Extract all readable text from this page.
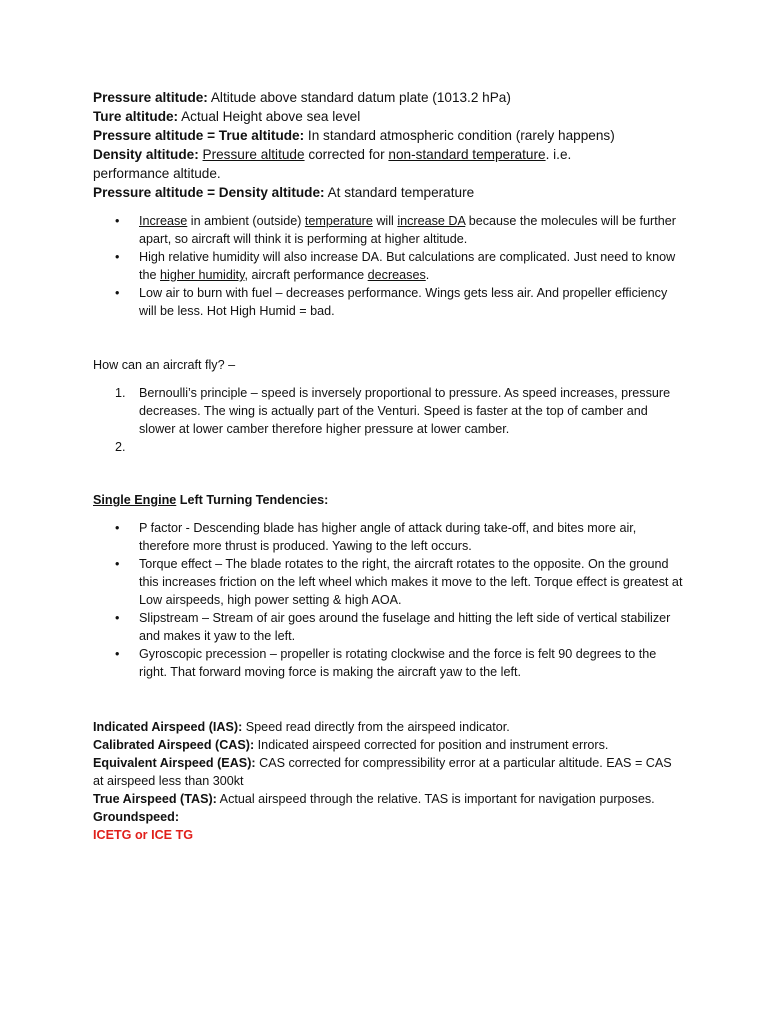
Pressure altitude: Altitude above standard datum plate (1013.2 hPa)

Ture altitude: Actual Height above sea level

Pressure altitude = True altitude: In standard atmospheric condition (rarely happens)

Density altitude: Pressure altitude corrected for non-standard temperature. i.e. performance altitude.

Pressure altitude = Density altitude: At standard temperature

• Increase in ambient (outside) temperature will increase DA because the molecules will be further apart, so aircraft will think it is performing at higher altitude.
• High relative humidity will also increase DA. But calculations are complicated. Just need to know the higher humidity, aircraft performance decreases.
• Low air to burn with fuel – decreases performance. Wings gets less air. And propeller efficiency will be less. Hot High Humid = bad.

How can an aircraft fly? –

1. Bernoulli’s principle – speed is inversely proportional to pressure. As speed increases, pressure decreases. The wing is actually part of the Venturi. Speed is faster at the top of camber and slower at lower camber therefore higher pressure at lower camber.
2.

Single Engine Left Turning Tendencies:

• P factor - Descending blade has higher angle of attack during take-off, and bites more air, therefore more thrust is produced. Yawing to the left occurs.
• Torque effect – The blade rotates to the right, the aircraft rotates to the opposite. On the ground this increases friction on the left wheel which makes it move to the left. Torque effect is greatest at Low airspeeds, high power setting & high AOA.
• Slipstream – Stream of air goes around the fuselage and hitting the left side of vertical stabilizer and makes it yaw to the left.
• Gyroscopic precession – propeller is rotating clockwise and the force is felt 90 degrees to the right. That forward moving force is making the aircraft yaw to the left.

Indicated Airspeed (IAS): Speed read directly from the airspeed indicator.

Calibrated Airspeed (CAS): Indicated airspeed corrected for position and instrument errors.

Equivalent Airspeed (EAS): CAS corrected for compressibility error at a particular altitude. EAS = CAS at airspeed less than 300kt

True Airspeed (TAS): Actual airspeed through the relative. TAS is important for navigation purposes.

Groundspeed:

ICETG or ICE TG
